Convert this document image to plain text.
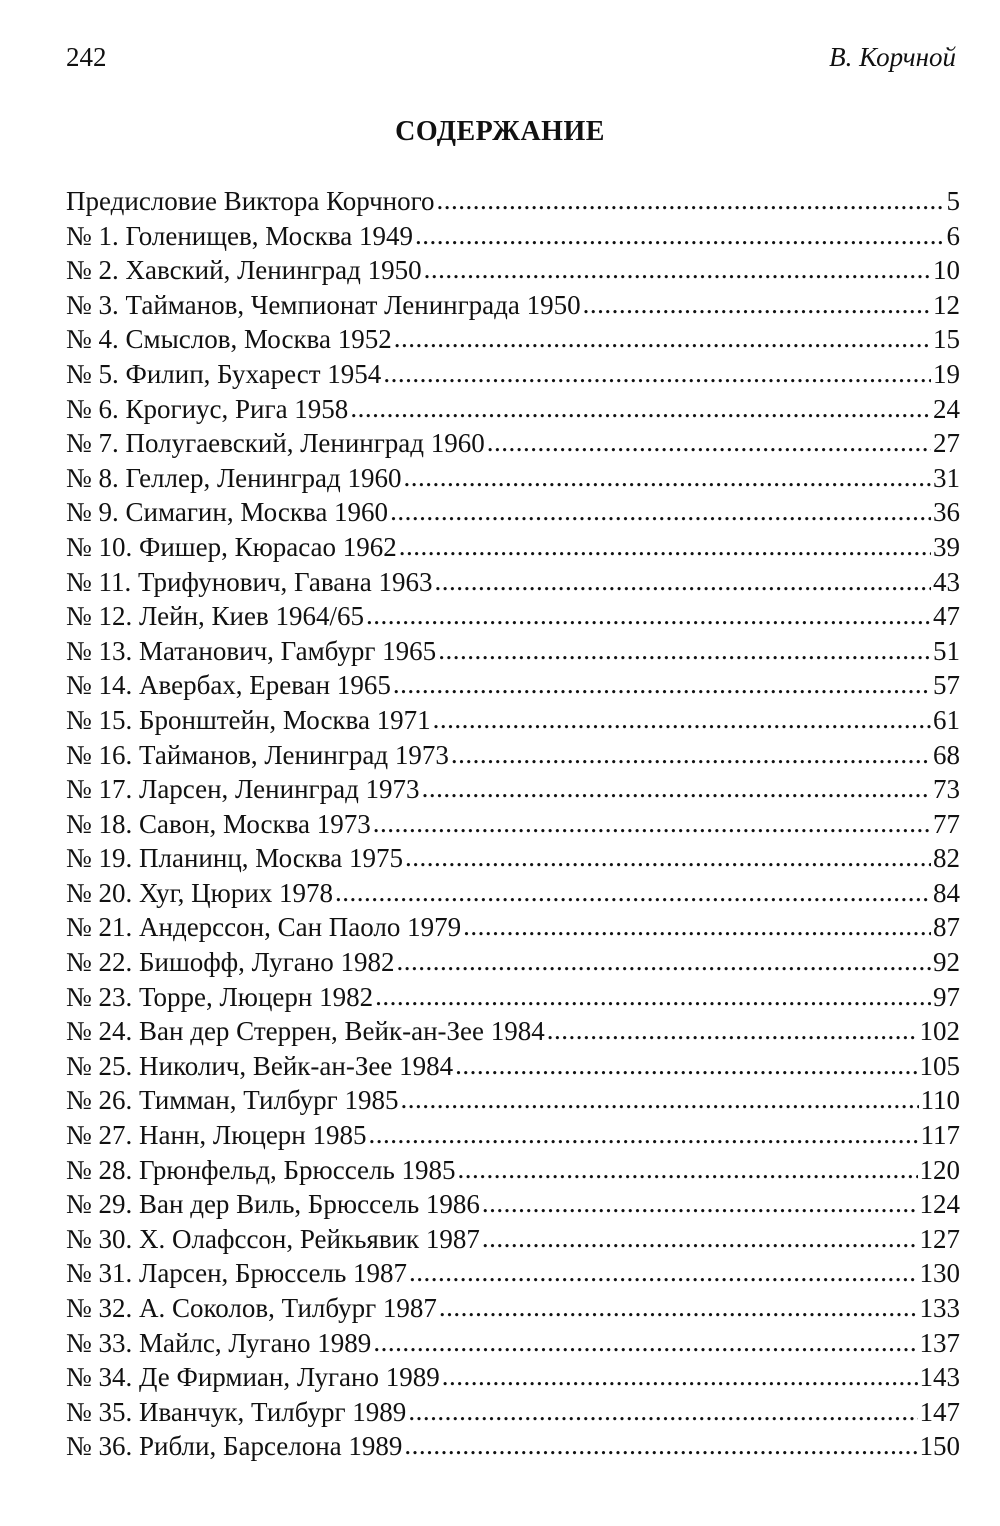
242	В. Корчной
СОДЕРЖАНИЕ
Предисловие Виктора Корчного .....	5
№ 1. Голенищев, Москва 1949 .....	6
№ 2. Хавский, Ленинград 1950 .....	10
№ 3. Тайманов, Чемпионат Ленинграда 1950 .....	12
№ 4. Смыслов, Москва 1952 .....	15
№ 5. Филип, Бухарест 1954 .....	19
№ 6. Крогиус, Рига 1958 .....	24
№ 7. Полугаевский, Ленинград 1960 .....	27
№ 8. Геллер, Ленинград 1960 .....	31
№ 9. Симагин, Москва 1960 .....	36
№ 10. Фишер, Кюрасао 1962 .....	39
№ 11. Трифунович, Гавана 1963 .....	43
№ 12. Лейн, Киев 1964/65 .....	47
№ 13. Матанович, Гамбург 1965 .....	51
№ 14. Авербах, Ереван 1965 .....	57
№ 15. Бронштейн, Москва 1971 .....	61
№ 16. Тайманов, Ленинград 1973 .....	68
№ 17. Ларсен, Ленинград 1973 .....	73
№ 18. Савон, Москва 1973 .....	77
№ 19. Планинц, Москва 1975 .....	82
№ 20. Хуг, Цюрих 1978 .....	84
№ 21. Андерссон, Сан Паоло 1979 .....	87
№ 22. Бишофф, Лугано 1982 .....	92
№ 23. Торре, Люцерн 1982 .....	97
№ 24. Ван дер Стеррен, Вейк-ан-Зее 1984 .....	102
№ 25. Николич, Вейк-ан-Зее 1984 .....	105
№ 26. Тимман, Тилбург 1985 .....	110
№ 27. Нанн, Люцерн 1985 .....	117
№ 28. Грюнфельд, Брюссель 1985 .....	120
№ 29. Ван дер Виль, Брюссель 1986 .....	124
№ 30. Х. Олафссон, Рейкьявик 1987 .....	127
№ 31. Ларсен, Брюссель 1987 .....	130
№ 32. А. Соколов, Тилбург 1987 .....	133
№ 33. Майлс, Лугано 1989 .....	137
№ 34. Де Фирмиан, Лугано 1989 .....	143
№ 35. Иванчук, Тилбург 1989 .....	147
№ 36. Рибли, Барселона 1989 .....	150
